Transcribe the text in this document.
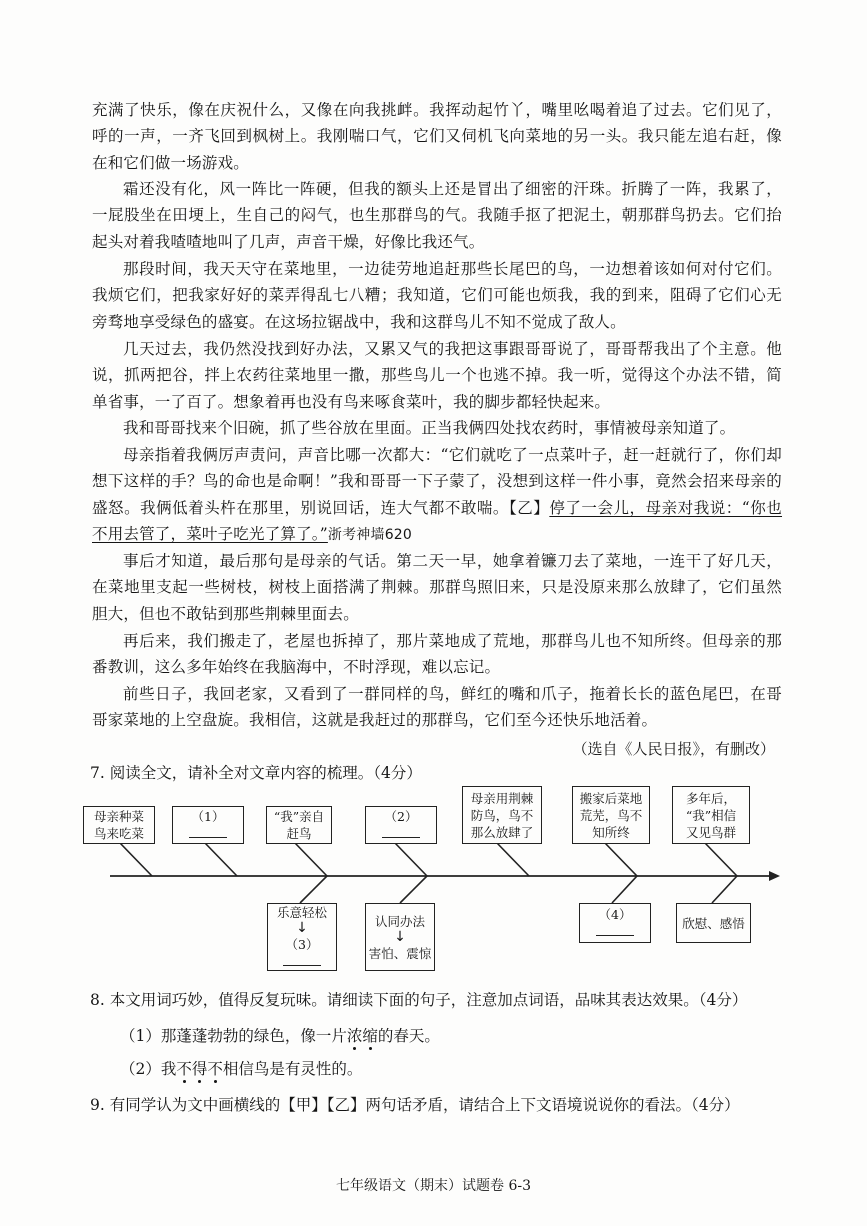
充满了快乐，像在庆祝什么，又像在向我挑衅。我挥动起竹丫，嘴里吆喝着追了过去。它们见了，呼的一声，一齐飞回到枫树上。我刚喘口气，它们又伺机飞向菜地的另一头。我只能左追右赶，像在和它们做一场游戏。

霜还没有化，风一阵比一阵硬，但我的额头上还是冒出了细密的汗珠。折腾了一阵，我累了，一屁股坐在田埂上，生自己的闷气，也生那群鸟的气。我随手抠了把泥土，朝那群鸟扔去。它们抬起头对着我喳喳地叫了几声，声音干燥，好像比我还气。

那段时间，我天天守在菜地里，一边徒劳地追赶那些长尾巴的鸟，一边想着该如何对付它们。我烦它们，把我家好好的菜弄得乱七八糟；我知道，它们可能也烦我，我的到来，阻碍了它们心无旁骛地享受绿色的盛宴。在这场拉锯战中，我和这群鸟儿不知不觉成了敌人。

几天过去，我仍然没找到好办法，又累又气的我把这事跟哥哥说了，哥哥帮我出了个主意。他说，抓两把谷，拌上农药往菜地里一撒，那些鸟儿一个也逃不掉。我一听，觉得这个办法不错，简单省事，一了百了。想象着再也没有鸟来啄食菜叶，我的脚步都轻快起来。

我和哥哥找来个旧碗，抓了些谷放在里面。正当我俩四处找农药时，事情被母亲知道了。

母亲指着我俩厉声责问，声音比哪一次都大：“它们就吃了一点菜叶子，赶一赶就行了，你们却想下这样的手？鸟的命也是命啊！”我和哥哥一下子蒙了，没想到这样一件小事，竟然会招来母亲的盛怒。我俩低着头杵在那里，别说回话，连大气都不敢喘。【乙】停了一会儿，母亲对我说：“你也不用去管了，菜叶子吃光了算了。”浙考神墙620

事后才知道，最后那句是母亲的气话。第二天一早，她拿着镰刀去了菜地，一连干了好几天，在菜地里支起一些树枝，树枝上面搭满了荆棘。那群鸟照旧来，只是没原来那么放肆了，它们虽然胆大，但也不敢钻到那些荆棘里面去。

再后来，我们搬走了，老屋也拆掉了，那片菜地成了荒地，那群鸟儿也不知所终。但母亲的那番教训，这么多年始终在我脑海中，不时浮现，难以忘记。

前些日子，我回老家，又看到了一群同样的鸟，鲜红的嘴和爪子，拖着长长的蓝色尾巴，在哥哥家菜地的上空盘旋。我相信，这就是我赶过的那群鸟，它们至今还快乐地活着。

（选自《人民日报》，有删改）
7. 阅读全文，请补全对文章内容的梳理。（4分）
母亲种菜
鸟来吃菜
（1）	“我”亲自
赶鸟
（2）
母亲用荆棘
防鸟，鸟不
那么放肆了
搬家后菜地
荒芜，鸟不
知所终
多年后，
“我”相信
又见鸟群
乐意轻松
↓
（3）
认同办法
↓
害怕、震惊
（4）
欣慰、感悟
8. 本文用词巧妙，值得反复玩味。请细读下面的句子，注意加点词语，品味其表达效果。（4分）
（1）那蓬蓬勃勃的绿色，像一片浓缩的春天。
（2）我不得不相信鸟是有灵性的。
9. 有同学认为文中画横线的【甲】【乙】两句话矛盾，请结合上下文语境说说你的看法。（4分）
七年级语文（期末）试题卷 6-3
